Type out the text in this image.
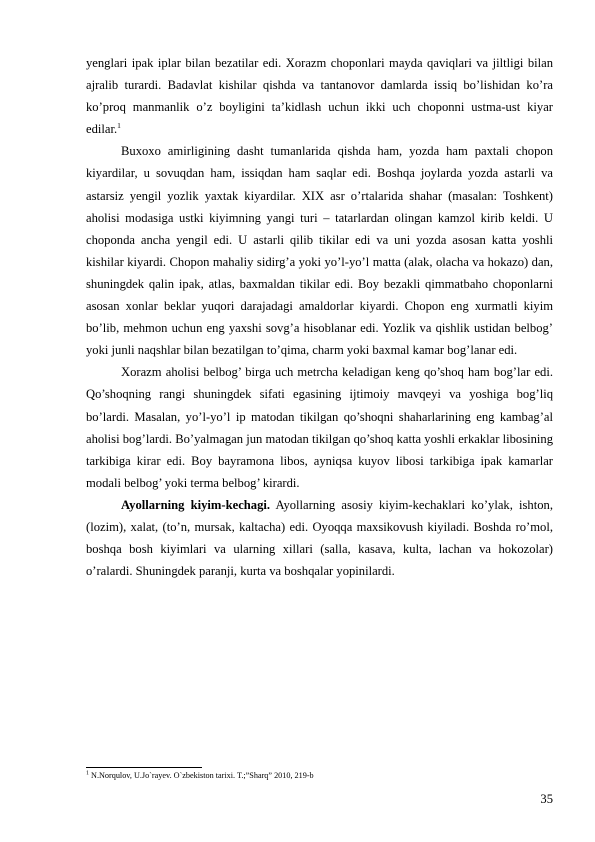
yenglari ipak iplar bilan bezatilar edi. Xorazm choponlari mayda qaviqlari va jiltligi bilan ajralib turardi. Badavlat kishilar qishda va tantanovor damlarda issiq bo’lishidan ko’ra ko’proq manmanlik o’z boyligini ta’kidlash uchun ikki uch choponni ustma-ust kiyar edilar.$^1$

Buxoxo amirligining dasht tumanlarida qishda ham, yozda ham paxtali chopon kiyardilar, u sovuqdan ham, issiqdan ham saqlar edi. Boshqa joylarda yozda astarli va astarsiz yengil yozlik yaxtak kiyardilar. XIX asr o’rtalarida shahar (masalan: Toshkent) aholisi modasiga ustki kiyimning yangi turi – tatarlardan olingan kamzol kirib keldi. U choponda ancha yengil edi. U astarli qilib tikilar edi va uni yozda asosan katta yoshli kishilar kiyardi. Chopon mahaliy sidirg’a yoki yo’l-yo’l matta (alak, olacha va hokazo) dan, shuningdek qalin ipak, atlas, baxmaldan tikilar edi. Boy bezakli qimmatbaho choponlarni asosan xonlar beklar yuqori darajadagi amaldorlar kiyardi. Chopon eng xurmatli kiyim bo’lib, mehmon uchun eng yaxshi sovg’a hisoblanar edi. Yozlik va qishlik ustidan belbog’ yoki junli naqshlar bilan bezatilgan to’qima, charm yoki baxmal kamar bog’lanar edi.

Xorazm aholisi belbog’ birga uch metrcha keladigan keng qo’shoq ham bog’lar edi. Qo’shoqning rangi shuningdek sifati egasining ijtimoiy mavqeyi va yoshiga bog’liq bo’lardi. Masalan, yo’l-yo’l ip matodan tikilgan qo’shoqni shaharlarining eng kambag’al aholisi bog’lardi. Bo’yalmagan jun matodan tikilgan qo’shoq katta yoshli erkaklar libosining tarkibiga kirar edi. Boy bayramona libos, ayniqsa kuyov libosi tarkibiga ipak kamarlar modali belbog’ yoki terma belbog’ kirardi.

Ayollarning kiyim-kechagi. Ayollarning asosiy kiyim-kechaklari ko’ylak, ishton, (lozim), xalat, (to’n, mursak, kaltacha) edi. Oyoqqa maxsikovush kiyiladi. Boshda ro’mol, boshqa bosh kiyimlari va ularning xillari (salla, kasava, kulta, lachan va hokozolar) o’ralardi. Shuningdek paranji, kurta va boshqalar yopinilardi.

$^1$ N.Norqulov, U.Jo`rayev. O`zbekiston tarixi. T.;”Sharq” 2010, 219-b
35
